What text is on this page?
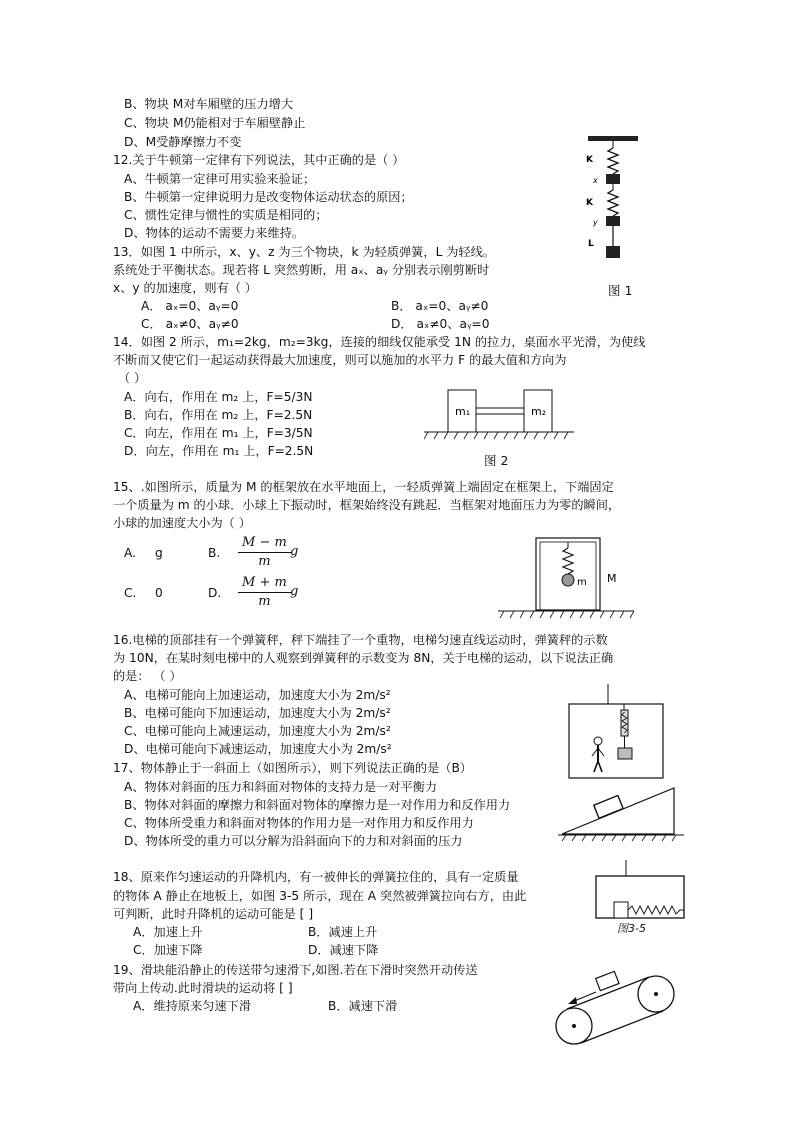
B、物块 M对车厢壁的压力增大
C、物块 M仍能相对于车厢壁静止
D、M受静摩擦力不变
12.关于牛顿第一定律有下列说法，其中正确的是（ ）
A、牛顿第一定律可用实验来验证；
B、牛顿第一定律说明力是改变物体运动状态的原因；
C、惯性定律与惯性的实质是相同的；
D、物体的运动不需要力来维持。
K
x
K
y
L
图 1
13．如图 1 中所示，x、y、z 为三个物块，k 为轻质弹簧，L 为轻线。
系统处于平衡状态。现若将 L 突然剪断，用 aₓ、aᵧ 分别表示刚剪断时
x、y 的加速度，则有（ ）
A． aₓ=0、aᵧ=0	B． aₓ=0、aᵧ≠0
C． aₓ≠0、aᵧ≠0	D． aₓ≠0、aᵧ=0
14．如图 2 所示，m₁=2kg，m₂=3kg，连接的细线仅能承受 1N 的拉力，桌面水平光滑，为使线
不断而又使它们一起运动获得最大加速度，则可以施加的水平力 F 的最大值和方向为
（ ）
A．向右，作用在 m₂ 上，F=5/3N
B．向右，作用在 m₂ 上，F=2.5N
C．向左，作用在 m₁ 上，F=3/5N
D．向左，作用在 m₁ 上，F=2.5N
m₁	m₂
图 2
15、.如图所示，质量为 M 的框架放在水平地面上，一轻质弹簧上端固定在框架上，下端固定
一个质量为 m 的小球．小球上下振动时，框架始终没有跳起．当框架对地面压力为零的瞬间，
小球的加速度大小为（ ）
A. g	B. $\frac{M - m}{m}$ g
C. 0	D. $\frac{M + m}{m}$ g
m M
16.电梯的顶部挂有一个弹簧秤，秤下端挂了一个重物，电梯匀速直线运动时，弹簧秤的示数
为 10N，在某时刻电梯中的人观察到弹簧秤的示数变为 8N，关于电梯的运动，以下说法正确
的是： （ ）
A、电梯可能向上加速运动，加速度大小为 2m/s²
B、电梯可能向下加速运动，加速度大小为 2m/s²
C、电梯可能向上减速运动，加速度大小为 2m/s²
D、电梯可能向下减速运动，加速度大小为 2m/s²
17、物体静止于一斜面上（如图所示），则下列说法正确的是（B）
A、物体对斜面的压力和斜面对物体的支持力是一对平衡力
B、物体对斜面的摩擦力和斜面对物体的摩擦力是一对作用力和反作用力
C、物体所受重力和斜面对物体的作用力是一对作用力和反作用力
D、物体所受的重力可以分解为沿斜面向下的力和对斜面的压力
18、原来作匀速运动的升降机内，有一被伸长的弹簧拉住的，具有一定质量
的物体 A 静止在地板上，如图 3-5 所示，现在 A 突然被弹簧拉向右方，由此
可判断，此时升降机的运动可能是 [ ]
A．加速上升	B．减速上升
C．加速下降	D．减速下降
图3-5
19、滑块能沿静止的传送带匀速滑下,如图.若在下滑时突然开动传送
带向上传动.此时滑块的运动将 [ ]
A．维持原来匀速下滑	B．减速下滑
